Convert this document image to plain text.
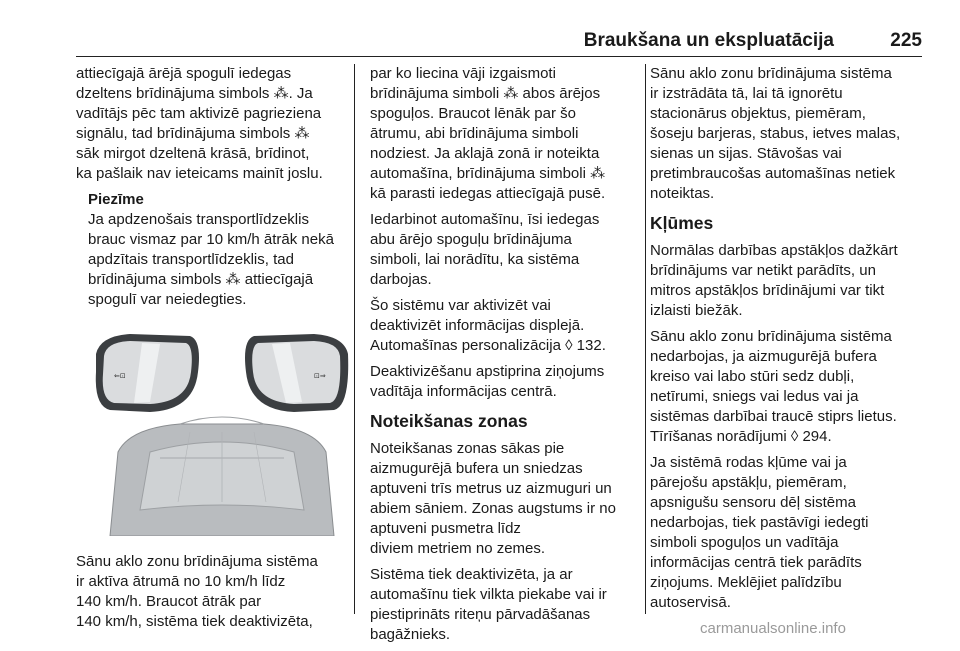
Braukšana un ekspluatācija	225
attiecīgajā ārējā spogulī iedegas
dzeltens brīdinājuma simbols ⁂. Ja
vadītājs pēc tam aktivizē pagrieziena
signālu, tad brīdinājuma simbols ⁂
sāk mirgot dzeltenā krāsā, brīdinot,
ka pašlaik nav ieteicams mainīt joslu.
Piezīme
Ja apdzenošais transportlīdzeklis
brauc vismaz par 10 km/h ātrāk nekā
apdzītais transportlīdzeklis, tad
brīdinājuma simbols ⁂ attiecīgajā
spogulī var neiedegties.
⇐⊡	⊡⇒
Sānu aklo zonu brīdinājuma sistēma
ir aktīva ātrumā no 10 km/h līdz
140 km/h. Braucot ātrāk par
140 km/h, sistēma tiek deaktivizēta,
par ko liecina vāji izgaismoti
brīdinājuma simboli ⁂ abos ārējos
spoguļos. Braucot lēnāk par šo
ātrumu, abi brīdinājuma simboli
nodziest. Ja aklajā zonā ir noteikta
automašīna, brīdinājuma simboli ⁂
kā parasti iedegas attiecīgajā pusē.
Iedarbinot automašīnu, īsi iedegas
abu ārējo spoguļu brīdinājuma
simboli, lai norādītu, ka sistēma
darbojas.
Šo sistēmu var aktivizēt vai
deaktivizēt informācijas displejā.
Automašīnas personalizācija ◊ 132.
Deaktivizēšanu apstiprina ziņojums
vadītāja informācijas centrā.
Noteikšanas zonas
Noteikšanas zonas sākas pie
aizmugurējā bufera un sniedzas
aptuveni trīs metrus uz aizmuguri un
abiem sāniem. Zonas augstums ir no
aptuveni pusmetra līdz
diviem metriem no zemes.
Sistēma tiek deaktivizēta, ja ar
automašīnu tiek vilkta piekabe vai ir
piestiprināts riteņu pārvadāšanas
bagāžnieks.
Sānu aklo zonu brīdinājuma sistēma
ir izstrādāta tā, lai tā ignorētu
stacionārus objektus, piemēram,
šoseju barjeras, stabus, ietves malas,
sienas un sijas. Stāvošas vai
pretimbraucošas automašīnas netiek
noteiktas.
Kļūmes
Normālas darbības apstākļos dažkārt
brīdinājums var netikt parādīts, un
mitros apstākļos brīdinājumi var tikt
izlaisti biežāk.
Sānu aklo zonu brīdinājuma sistēma
nedarbojas, ja aizmugurējā bufera
kreiso vai labo stūri sedz dubļi,
netīrumi, sniegs vai ledus vai ja
sistēmas darbībai traucē stiprs lietus.
Tīrīšanas norādījumi ◊ 294.
Ja sistēmā rodas kļūme vai ja
pārejošu apstākļu, piemēram,
apsnigušu sensoru dēļ sistēma
nedarbojas, tiek pastāvīgi iedegti
simboli spoguļos un vadītāja
informācijas centrā tiek parādīts
ziņojums. Meklējiet palīdzību
autoservisā.
carmanualsonline.info
